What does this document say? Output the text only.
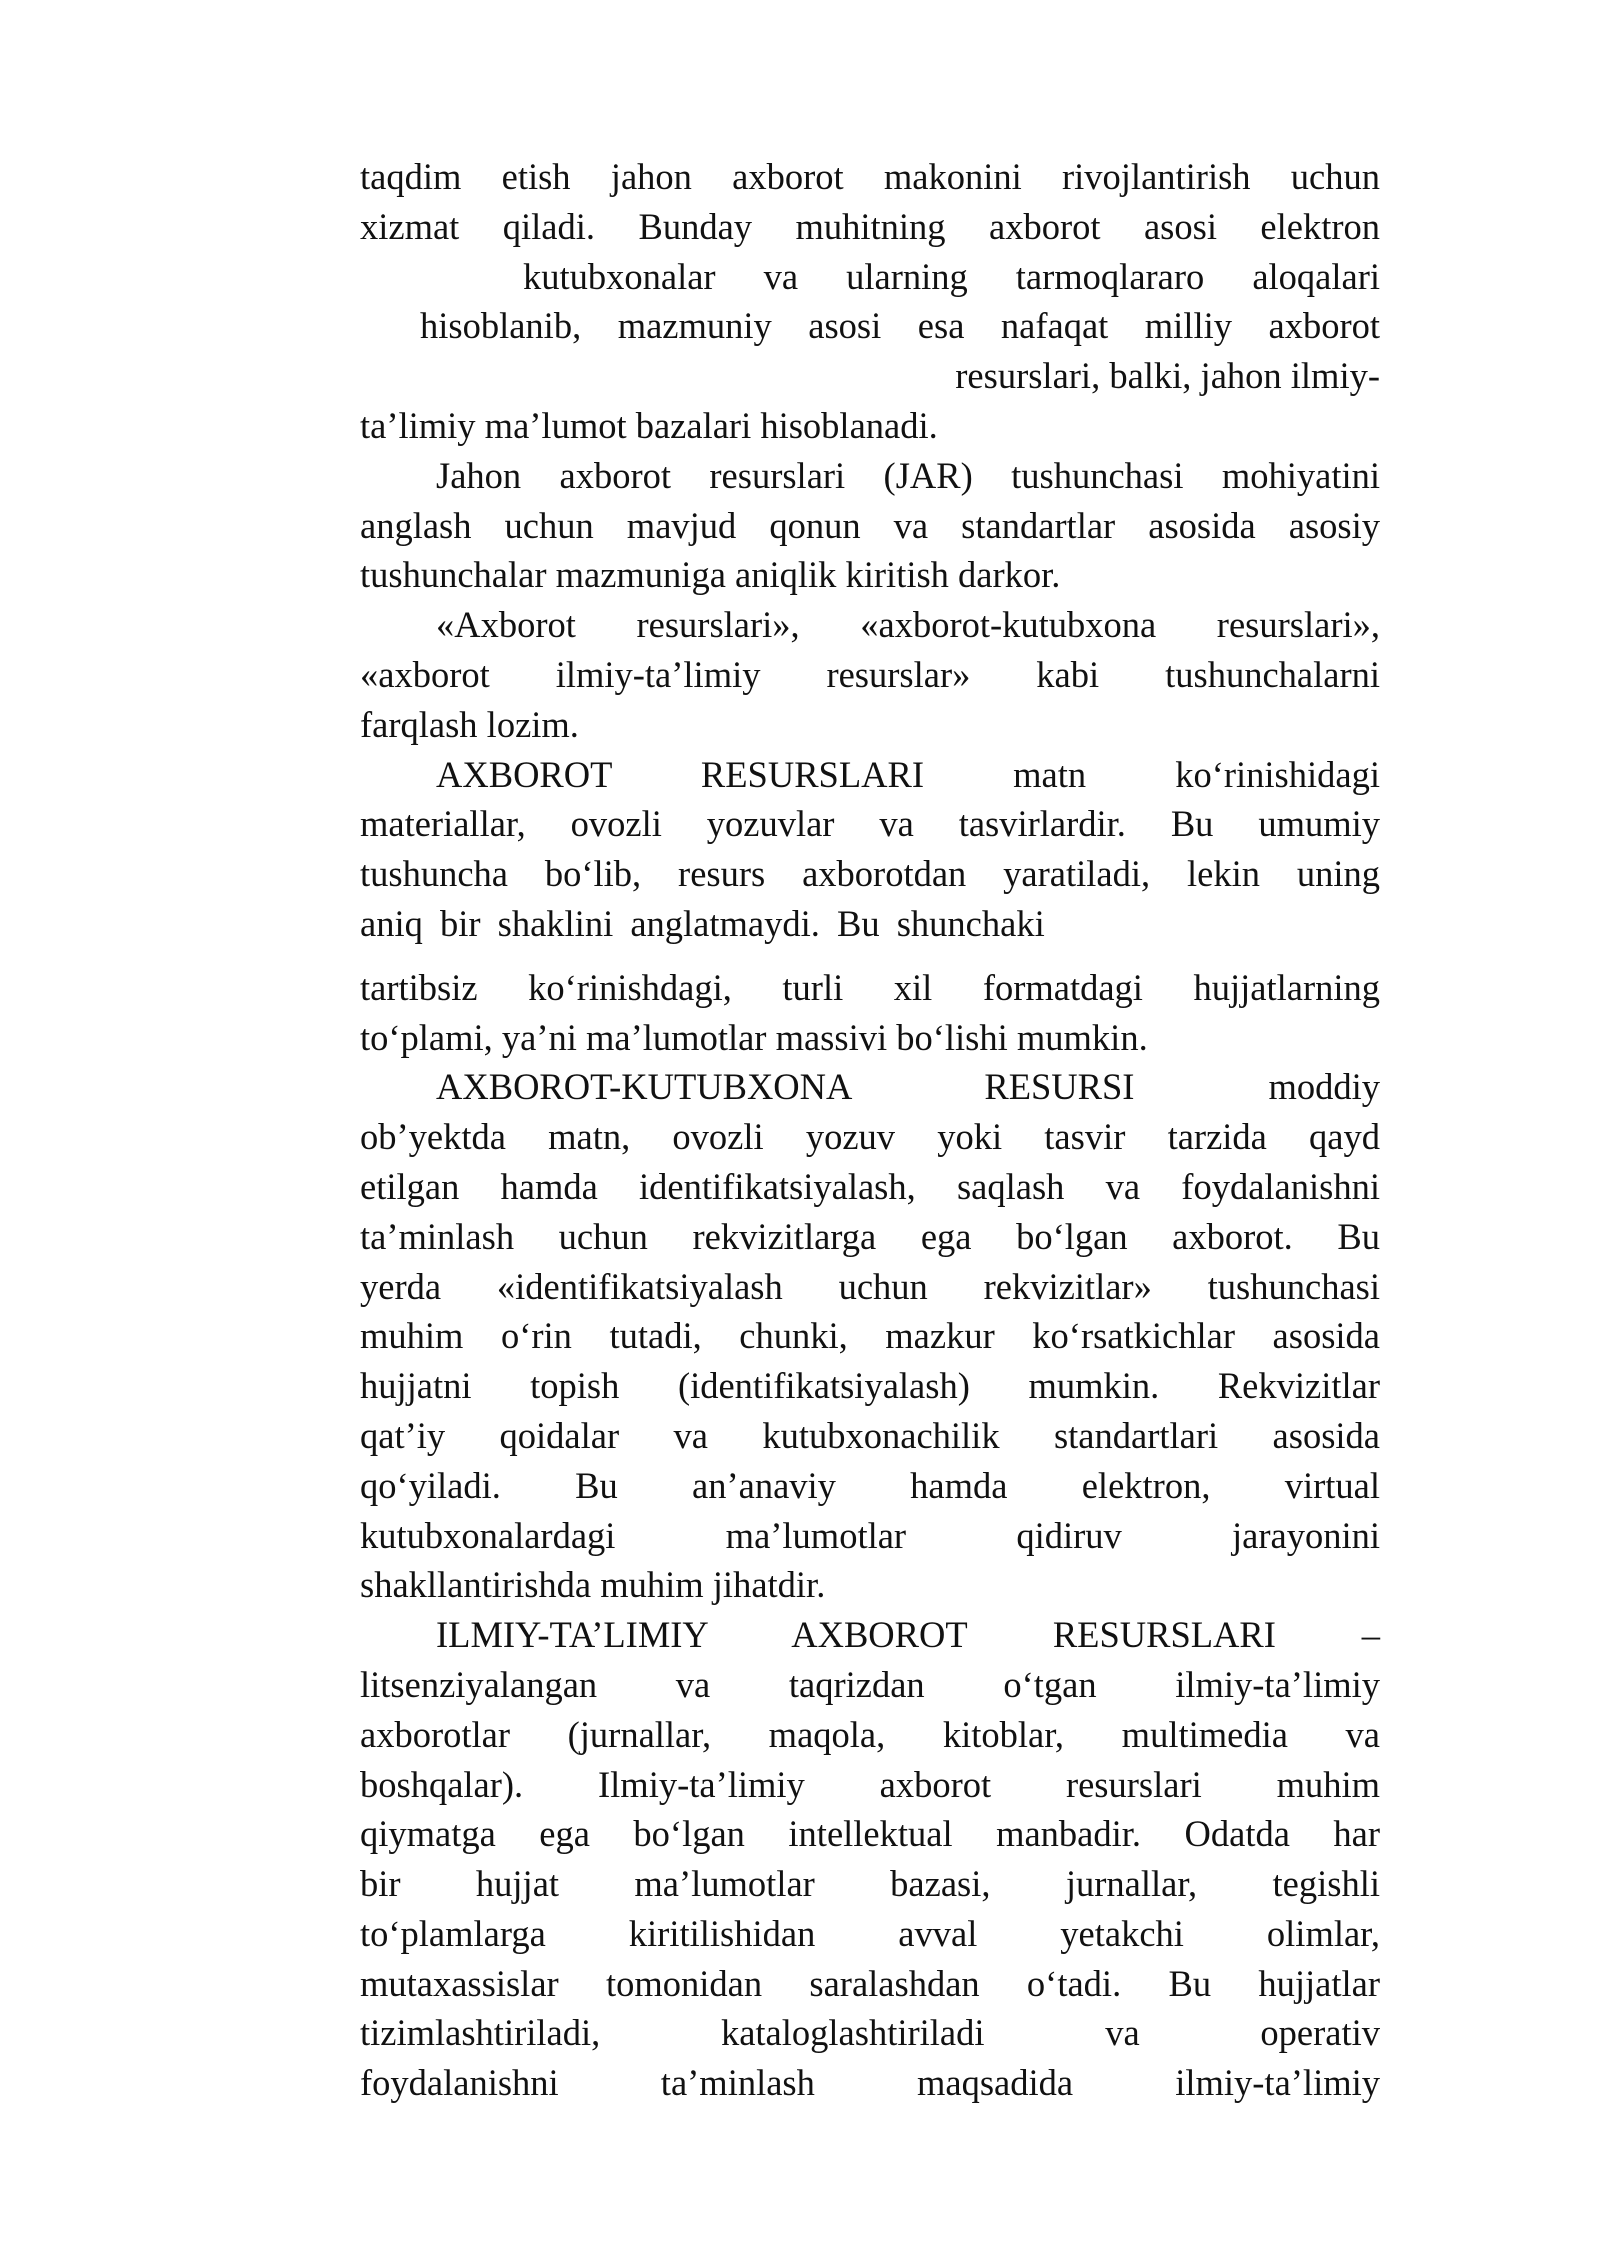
taqdim etish jahon axborot makonini rivojlantirish uchun
xizmat qiladi. Bunday muhitning axborot asosi elektron
kutubxonalar va ularning tarmoqlararo aloqalari
hisoblanib, mazmuniy asosi esa nafaqat milliy axborot
resurslari, balki, jahon ilmiy-
ta’limiy ma’lumot bazalari hisoblanadi.
Jahon axborot resurslari (JAR) tushunchasi mohiyatini
anglash uchun mavjud qonun va standartlar asosida asosiy
tushunchalar mazmuniga aniqlik kiritish darkor.
«Axborot resurslari», «axborot-kutubxona resurslari»,
«axborot ilmiy-ta’limiy resurslar» kabi tushunchalarni
farqlash lozim.
AXBOROT RESURSLARI matn ko‘rinishidagi
materiallar, ovozli yozuvlar va tasvirlardir. Bu umumiy
tushuncha bo‘lib, resurs axborotdan yaratiladi, lekin uning
aniq bir shaklini anglatmaydi. Bu shunchaki
tartibsiz ko‘rinishdagi, turli xil formatdagi hujjatlarning
to‘plami, ya’ni ma’lumotlar massivi bo‘lishi mumkin.
AXBOROT-KUTUBXONA RESURSI moddiy
ob’yektda matn, ovozli yozuv yoki tasvir tarzida qayd
etilgan hamda identifikatsiyalash, saqlash va foydalanishni
ta’minlash uchun rekvizitlarga ega bo‘lgan axborot. Bu
yerda «identifikatsiyalash uchun rekvizitlar» tushunchasi
muhim o‘rin tutadi, chunki, mazkur ko‘rsatkichlar asosida
hujjatni topish (identifikatsiyalash) mumkin. Rekvizitlar
qat’iy qoidalar va kutubxonachilik standartlari asosida
qo‘yiladi. Bu an’anaviy hamda elektron, virtual
kutubxonalardagi ma’lumotlar qidiruv jarayonini
shakllantirishda muhim jihatdir.
ILMIY-TA’LIMIY AXBOROT RESURSLARI –
litsenziyalangan va taqrizdan o‘tgan ilmiy-ta’limiy
axborotlar (jurnallar, maqola, kitoblar, multimedia va
boshqalar). Ilmiy-ta’limiy axborot resurslari muhim
qiymatga ega bo‘lgan intellektual manbadir. Odatda har
bir hujjat ma’lumotlar bazasi, jurnallar, tegishli
to‘plamlarga kiritilishidan avval yetakchi olimlar,
mutaxassislar tomonidan saralashdan o‘tadi. Bu hujjatlar
tizimlashtiriladi, kataloglashtiriladi va operativ
foydalanishni ta’minlash maqsadida ilmiy-ta’limiy
